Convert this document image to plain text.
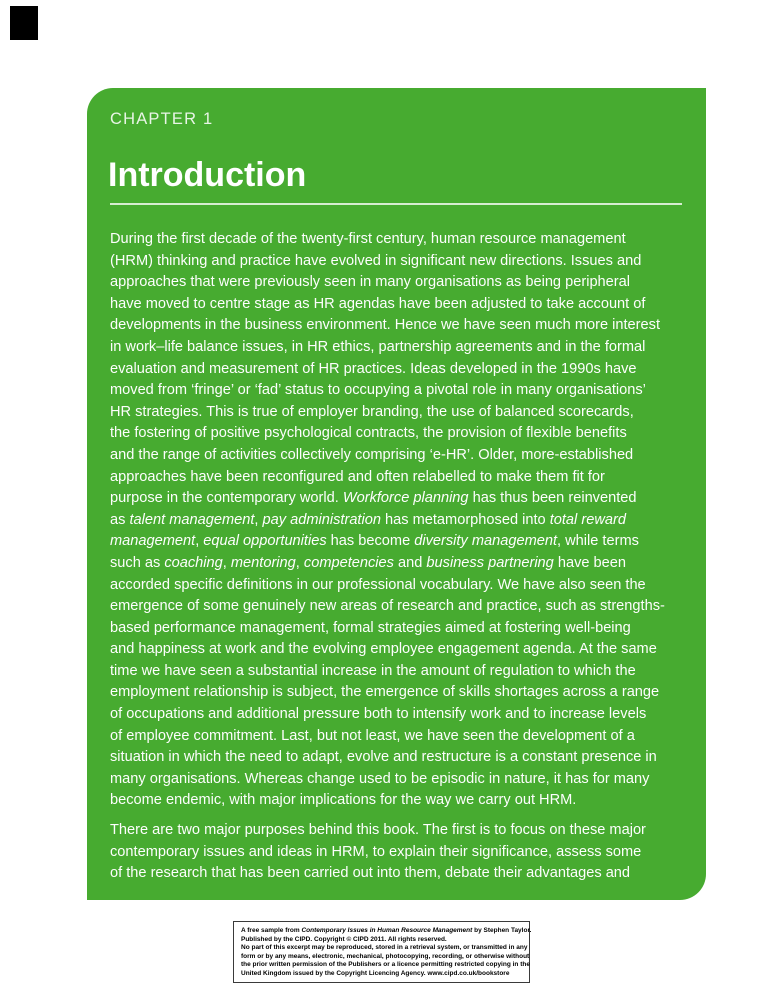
CHAPTER 1
Introduction
During the first decade of the twenty-first century, human resource management
(HRM) thinking and practice have evolved in significant new directions. Issues and
approaches that were previously seen in many organisations as being peripheral
have moved to centre stage as HR agendas have been adjusted to take account of
developments in the business environment. Hence we have seen much more interest
in work–life balance issues, in HR ethics, partnership agreements and in the formal
evaluation and measurement of HR practices. Ideas developed in the 1990s have
moved from ‘fringe’ or ‘fad’ status to occupying a pivotal role in many organisations’
HR strategies. This is true of employer branding, the use of balanced scorecards,
the fostering of positive psychological contracts, the provision of flexible benefits
and the range of activities collectively comprising ‘e-HR’. Older, more-established
approaches have been reconfigured and often relabelled to make them fit for
purpose in the contemporary world. Workforce planning has thus been reinvented
as talent management, pay administration has metamorphosed into total reward
management, equal opportunities has become diversity management, while terms
such as coaching, mentoring, competencies and business partnering have been
accorded specific definitions in our professional vocabulary. We have also seen the
emergence of some genuinely new areas of research and practice, such as strengths-
based performance management, formal strategies aimed at fostering well-being
and happiness at work and the evolving employee engagement agenda. At the same
time we have seen a substantial increase in the amount of regulation to which the
employment relationship is subject, the emergence of skills shortages across a range
of occupations and additional pressure both to intensify work and to increase levels
of employee commitment. Last, but not least, we have seen the development of a
situation in which the need to adapt, evolve and restructure is a constant presence in
many organisations. Whereas change used to be episodic in nature, it has for many
become endemic, with major implications for the way we carry out HRM.
There are two major purposes behind this book. The first is to focus on these major
contemporary issues and ideas in HRM, to explain their significance, assess some
of the research that has been carried out into them, debate their advantages and
A free sample from Contemporary Issues in Human Resource Management by Stephen Taylor.
Published by the CIPD. Copyright © CIPD 2011. All rights reserved.
No part of this excerpt may be reproduced, stored in a retrieval system, or transmitted in any
form or by any means, electronic, mechanical, photocopying, recording, or otherwise without
the prior written permission of the Publishers or a licence permitting restricted copying in the
United Kingdom issued by the Copyright Licencing Agency. www.cipd.co.uk/bookstore
